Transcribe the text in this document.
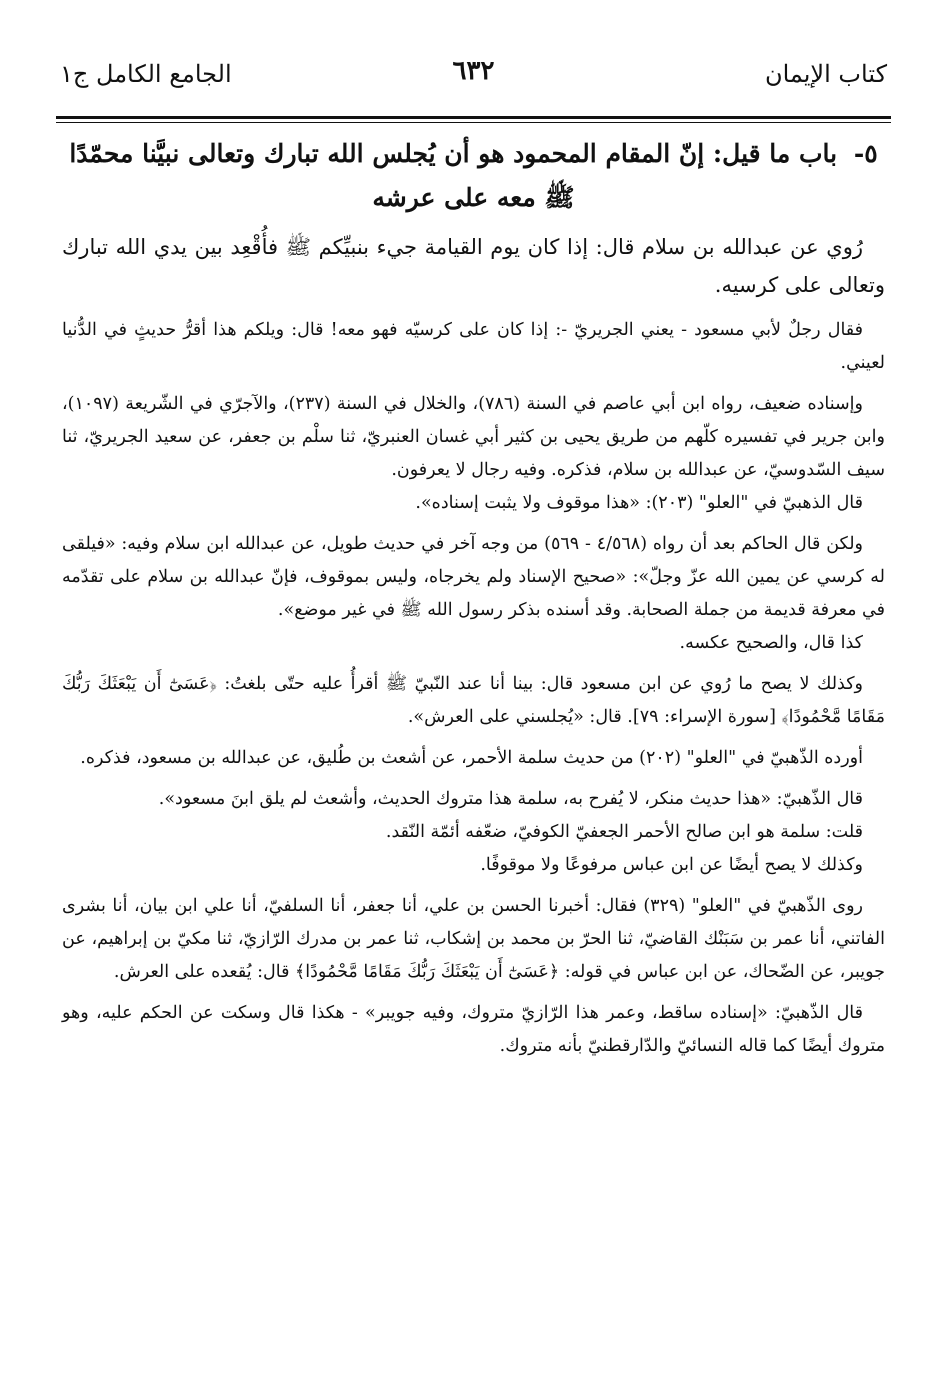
كتاب الإيمان
٦٣٢
الجامع الكامل ج١
٥- باب ما قيل: إنّ المقام المحمود هو أن يُجلس الله تبارك وتعالى نبيَّنا محمّدًا ﷺ معه على عرشه

رُوي عن عبدالله بن سلام قال: إذا كان يوم القيامة جيء بنبيِّكم ﷺ فأُقْعِد بين يدي الله تبارك وتعالى على كرسيه.

فقال رجلٌ لأبي مسعود - يعني الجريريّ -: إذا كان على كرسيّه فهو معه! قال: ويلكم هذا أقرُّ حديثٍ في الدُّنيا لعيني.

وإسناده ضعيف، رواه ابن أبي عاصم في السنة (٧٨٦)، والخلال في السنة (٢٣٧)، والآجرّي في الشّريعة (١٠٩٧)، وابن جرير في تفسيره كلّهم من طريق يحيى بن كثير أبي غسان العنبريّ، ثنا سلْم بن جعفر، عن سعيد الجريريّ، ثنا سيف السّدوسيّ، عن عبدالله بن سلام، فذكره. وفيه رجال لا يعرفون.

قال الذهبيّ في "العلو" (٢٠٣): «هذا موقوف ولا يثبت إسناده».

ولكن قال الحاكم بعد أن رواه (٤/٥٦٨ - ٥٦٩) من وجه آخر في حديث طويل، عن عبدالله ابن سلام وفيه: «فيلقى له كرسي عن يمين الله عزّ وجلّ»: «صحيح الإسناد ولم يخرجاه، وليس بموقوف، فإنّ عبدالله بن سلام على تقدّمه في معرفة قديمة من جملة الصحابة. وقد أسنده بذكر رسول الله ﷺ في غير موضع».

كذا قال، والصحيح عكسه.

وكذلك لا يصح ما رُوي عن ابن مسعود قال: بينا أنا عند النّبيّ ﷺ أقرأُ عليه حتّى بلغتُ: ﴿عَسَىٰٓ أَن يَبْعَثَكَ رَبُّكَ مَقَامًا مَّحْمُودًا﴾ [سورة الإسراء: ٧٩]. قال: «يُجلسني على العرش».

أورده الذّهبيّ في "العلو" (٢٠٢) من حديث سلمة الأحمر، عن أشعث بن طُليق، عن عبدالله بن مسعود، فذكره.

قال الذّهبيّ: «هذا حديث منكر، لا يُفرح به، سلمة هذا متروك الحديث، وأشعث لم يلق ابنَ مسعود».

قلت: سلمة هو ابن صالح الأحمر الجعفيّ الكوفيّ، ضعّفه أئمّة النّقد.

وكذلك لا يصح أيضًا عن ابن عباس مرفوعًا ولا موقوفًا.

روى الذّهبيّ في "العلو" (٣٢٩) فقال: أخبرنا الحسن بن علي، أنا جعفر، أنا السلفيّ، أنا علي ابن بيان، أنا بشرى الفاتني، أنا عمر بن سَبَنْك القاضيّ، ثنا الحرّ بن محمد بن إشكاب، ثنا عمر بن مدرك الرّازيّ، ثنا مكيّ بن إبراهيم، عن جويبر، عن الضّحاك، عن ابن عباس في قوله: ﴿عَسَىٰٓ أَن يَبْعَثَكَ رَبُّكَ مَقَامًا مَّحْمُودًا﴾ قال: يُقعده على العرش.

قال الذّهبيّ: «إسناده ساقط، وعمر هذا الرّازيّ متروك، وفيه جويبر» - هكذا قال وسكت عن الحكم عليه، وهو متروك أيضًا كما قاله النسائيّ والدّارقطنيّ بأنه متروك.
